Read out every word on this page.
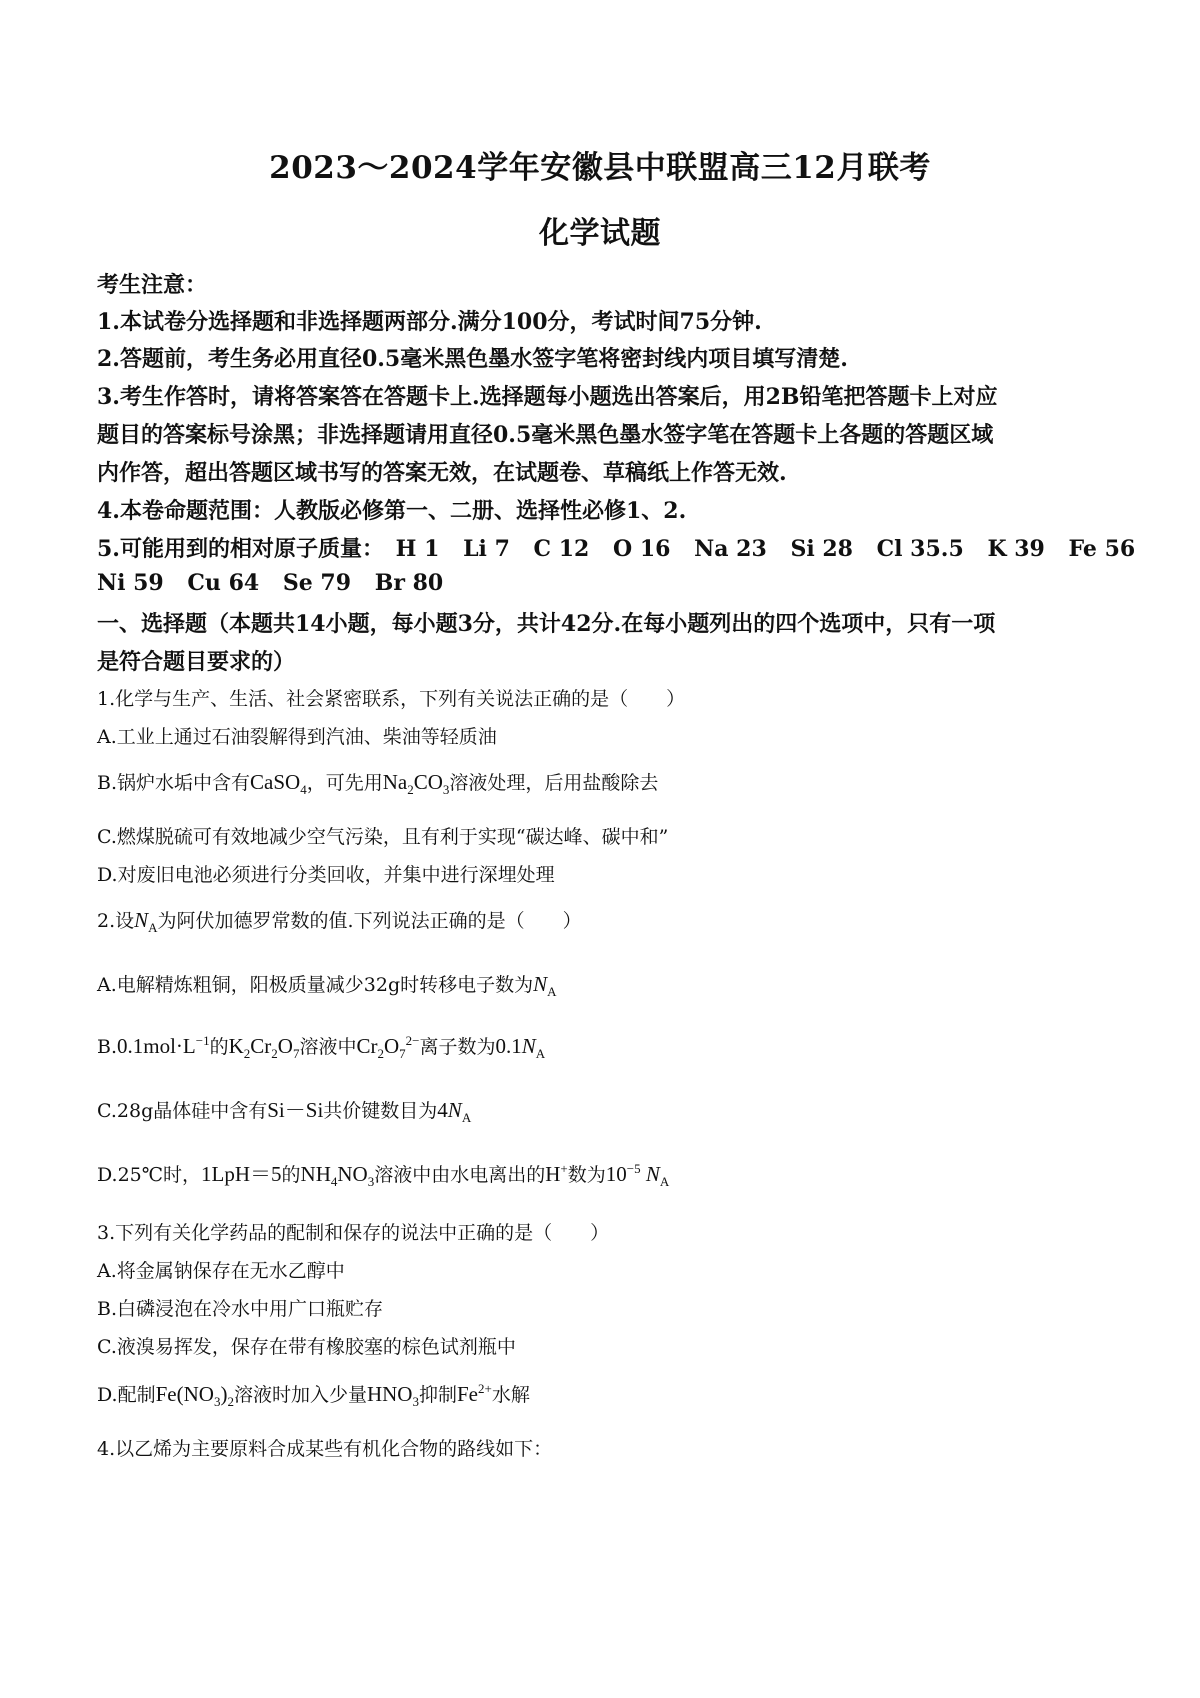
2023～2024学年安徽县中联盟高三12月联考
化学试题
考生注意：
1.本试卷分选择题和非选择题两部分.满分100分，考试时间75分钟.
2.答题前，考生务必用直径0.5毫米黑色墨水签字笔将密封线内项目填写清楚.
3.考生作答时，请将答案答在答题卡上.选择题每小题选出答案后，用2B铅笔把答题卡上对应
题目的答案标号涂黑；非选择题请用直径0.5毫米黑色墨水签字笔在答题卡上各题的答题区域
内作答，超出答题区域书写的答案无效，在试题卷、草稿纸上作答无效.
4.本卷命题范围：人教版必修第一、二册、选择性必修1、2.
5.可能用到的相对原子质量： H 1 Li 7 C 12 O 16 Na 23 Si 28 Cl 35.5 K 39 Fe 56
Ni 59 Cu 64 Se 79 Br 80
一、选择题（本题共14小题，每小题3分，共计42分.在每小题列出的四个选项中，只有一项
是符合题目要求的）
1.化学与生产、生活、社会紧密联系，下列有关说法正确的是（　　）
A.工业上通过石油裂解得到汽油、柴油等轻质油
B.锅炉水垢中含有CaSO$_4$，可先用$Na_2CO_3$溶液处理，后用盐酸除去
C.燃煤脱硫可有效地减少空气污染，且有利于实现“碳达峰、碳中和”
D.对废旧电池必须进行分类回收，并集中进行深埋处理
2.设$N_A$为阿伏加德罗常数的值.下列说法正确的是（　　）
A.电解精炼粗铜，阳极质量减少32g时转移电子数为$N_A$
$B.0.1mol\cdot L^{-1}$的$K_2Cr_2O_7$溶液中$Cr_2O_7^{2-}$离子数为$0.1N_A$
C.28g晶体硅中含有Si－Si共价键数目为$4N_A$
D.25℃时，1LpH＝5的$NH_4NO_3$溶液中由水电离出的H+数为$10^{-5}$ $N_A$
3.下列有关化学药品的配制和保存的说法中正确的是（　　）
A.将金属钠保存在无水乙醇中
B.白磷浸泡在冷水中用广口瓶贮存
C.液溴易挥发，保存在带有橡胶塞的棕色试剂瓶中
D.配制$Fe(NO_3)_2$溶液时加入少量$HNO_3$抑制$Fe^{2+}$水解
4.以乙烯为主要原料合成某些有机化合物的路线如下：
